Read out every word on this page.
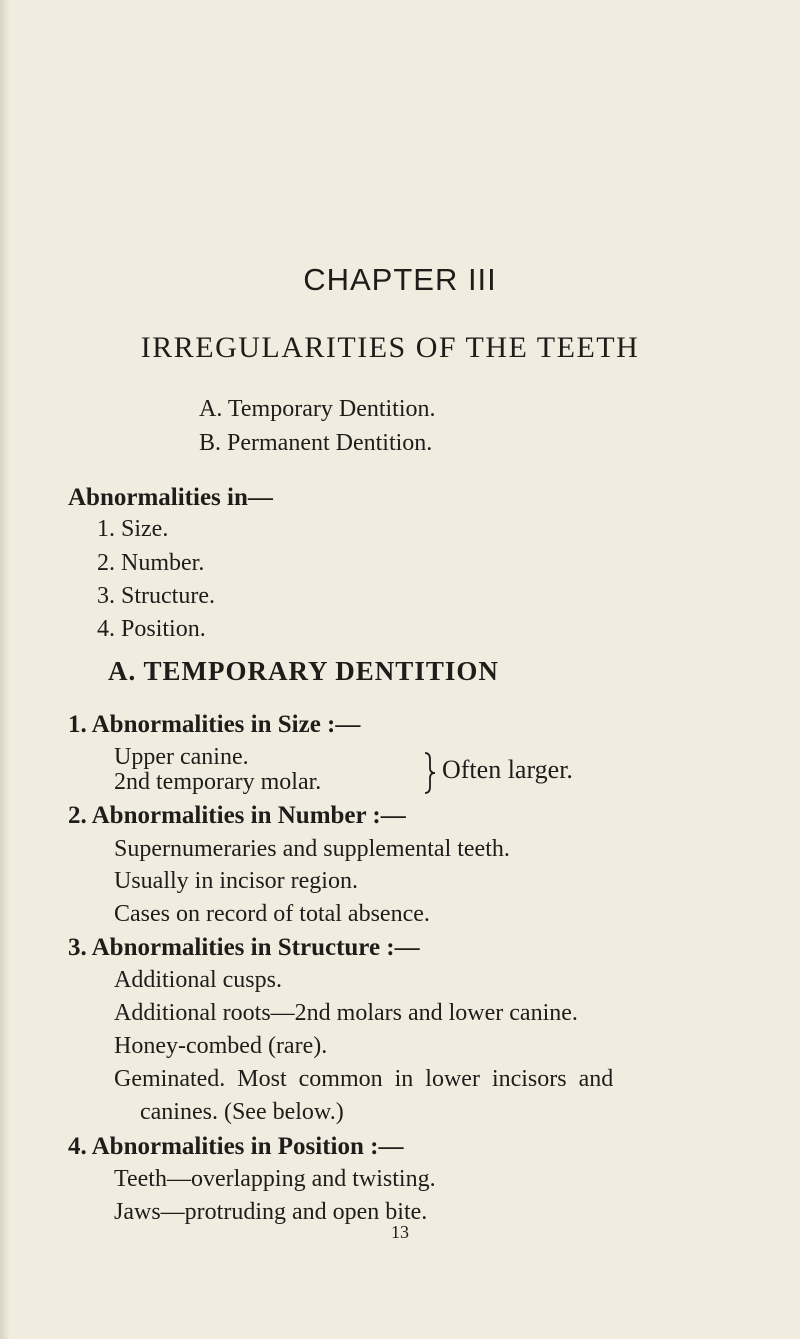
CHAPTER III
IRREGULARITIES OF THE TEETH
A. Temporary Dentition.
B. Permanent Dentition.
Abnormalities in—
1. Size.
2. Number.
3. Structure.
4. Position.
A. TEMPORARY DENTITION
1. Abnormalities in Size :—
Upper canine.
2nd temporary molar.	Often larger.
2. Abnormalities in Number :—
Supernumeraries and supplemental teeth.
Usually in incisor region.
Cases on record of total absence.
3. Abnormalities in Structure :—
Additional cusps.
Additional roots—2nd molars and lower canine.
Honey-combed (rare).
Geminated. Most common in lower incisors and
canines. (See below.)
4. Abnormalities in Position :—
Teeth—overlapping and twisting.
Jaws—protruding and open bite.
13
